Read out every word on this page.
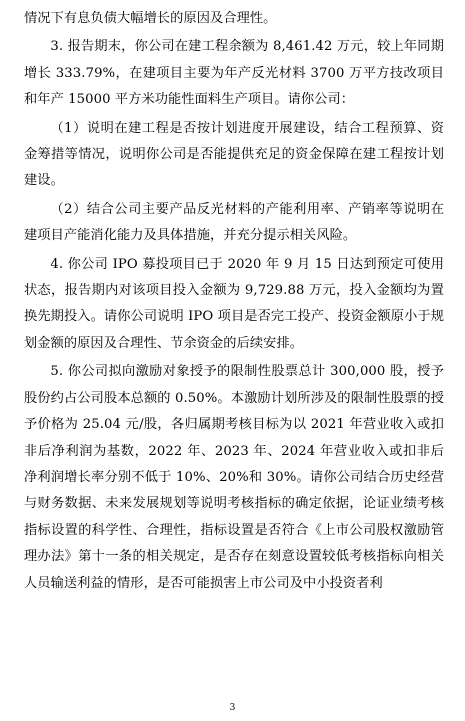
情况下有息负债大幅增长的原因及合理性。

3. 报告期末，你公司在建工程余额为 8,461.42 万元，较上年同期增长 333.79%，在建项目主要为年产反光材料 3700 万平方技改项目和年产 15000 平方米功能性面料生产项目。请你公司：

（1）说明在建工程是否按计划进度开展建设，结合工程预算、资金筹措等情况，说明你公司是否能提供充足的资金保障在建工程按计划建设。

（2）结合公司主要产品反光材料的产能利用率、产销率等说明在建项目产能消化能力及具体措施，并充分提示相关风险。

4. 你公司 IPO 募投项目已于 2020 年 9 月 15 日达到预定可使用状态，报告期内对该项目投入金额为 9,729.88 万元，投入金额均为置换先期投入。请你公司说明 IPO 项目是否完工投产、投资金额原小于规划金额的原因及合理性、节余资金的后续安排。

5. 你公司拟向激励对象授予的限制性股票总计 300,000 股，授予股份约占公司股本总额的 0.50%。本激励计划所涉及的限制性股票的授予价格为 25.04 元/股，各归属期考核目标为以 2021 年营业收入或扣非后净利润为基数，2022 年、2023 年、2024 年营业收入或扣非后净利润增长率分别不低于 10%、20%和 30%。请你公司结合历史经营与财务数据、未来发展规划等说明考核指标的确定依据，论证业绩考核指标设置的科学性、合理性，指标设置是否符合《上市公司股权激励管理办法》第十一条的相关规定，是否存在刻意设置较低考核指标向相关人员输送利益的情形，是否可能损害上市公司及中小投资者利

3
